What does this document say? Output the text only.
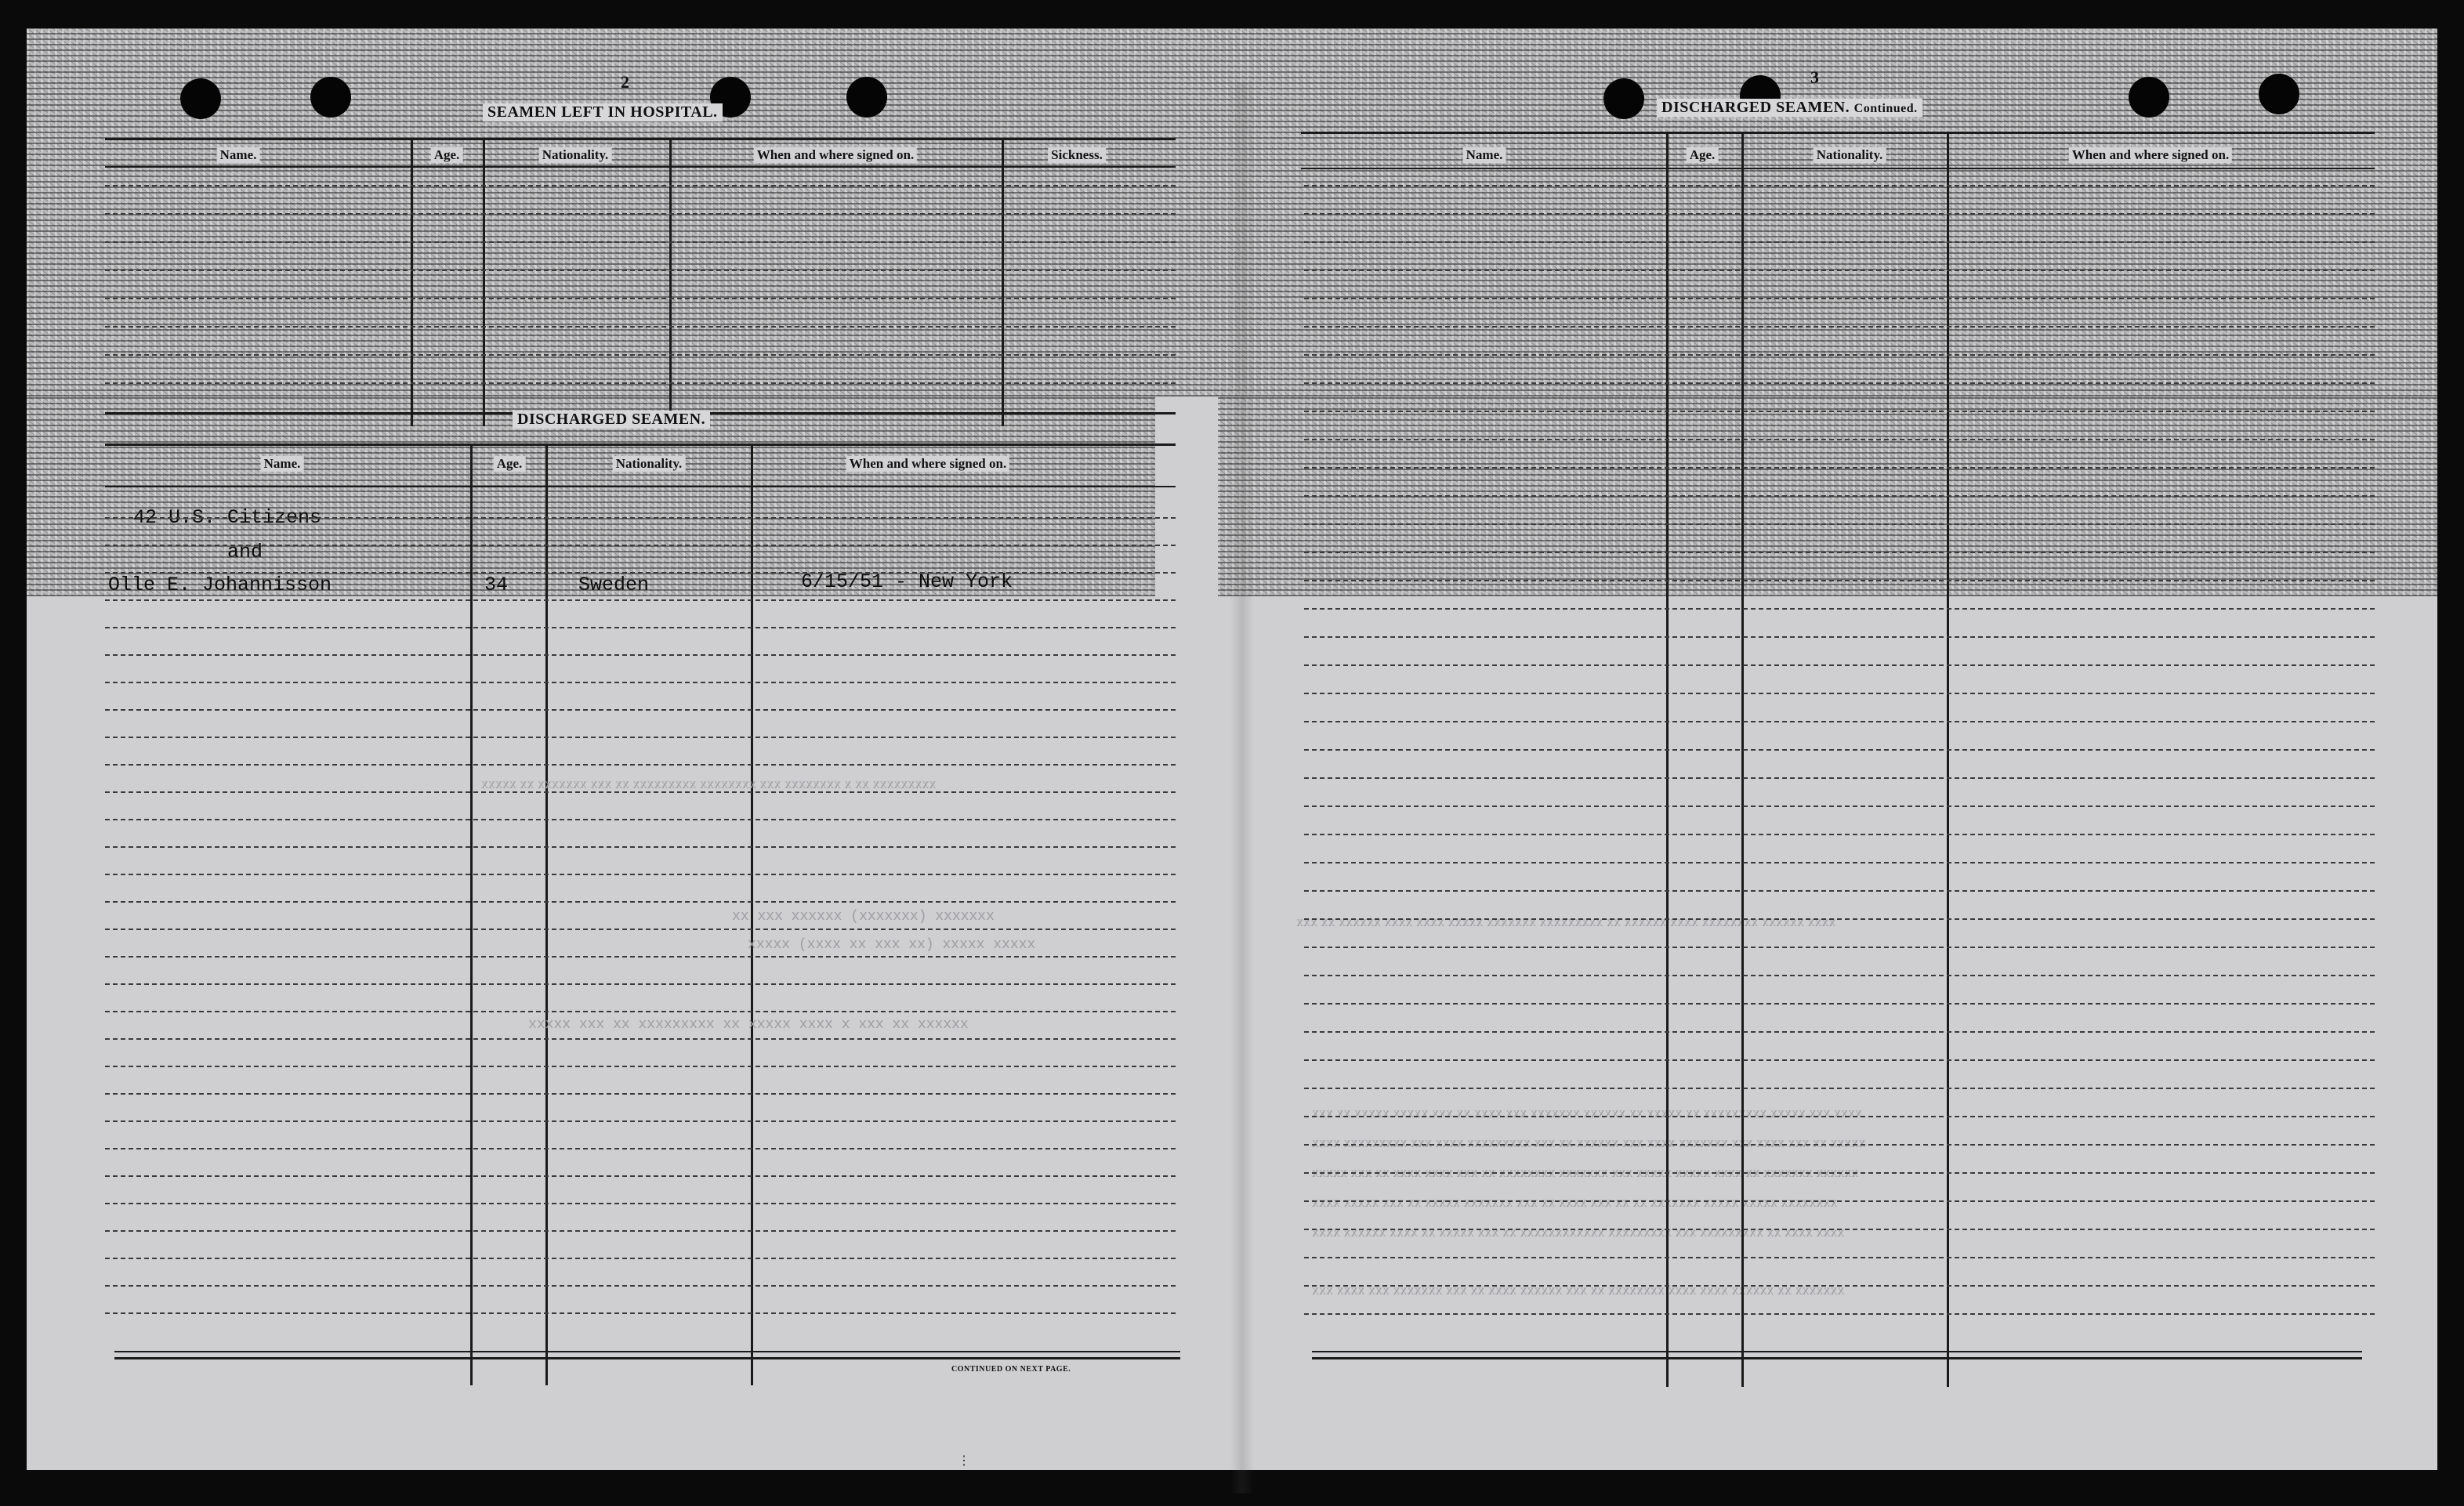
2
SEAMEN LEFT IN HOSPITAL.
Name.	Age.	Nationality.	When and where signed on.	Sickness.
DISCHARGED SEAMEN.
Name.	Age.	Nationality.	When and where signed on.
42 U.S. Citizens
and
Olle E. Johannisson	34	Sweden	6/15/51 - New York
CONTINUED ON NEXT PAGE.
xxxxxxx (xxxxxxx) xxxxxx xxx xx
xxxxx xxxxx (xx xxx xx xxxx) xxxxx
xxxxxx xx xxx x xxxx xxxxx xx xxxxxxxxx xx xxx xxxxx
xxxxxxxxx xx x xxxxxxxx xxx xxxxxxxx xxxxxxxxx xx xxx xxxxxxx xx xxxxx
xxxx xxxxxx xxxxxxxx xxxx xxxxxx xx xxxxxxxxx xxxxxxx xxxxx xxxx xxxx xxxxxx xx xxx
xxxx xxx xxxxx xxxxxxxxx xx xxxxx xx xxxxxx xxxxxxx xxx xxxx xx xxx xxxxx xxxxx xx xxx
xxxxx xx xxx xxxx xxx xxxxxxx xxxx xxx xxxxxx xx xxx xxxxxxxxx xxxx xxx xxxxxxxxx xxxx
xxxxxx xxxxxxx xx xxxx xxxxx xxxxx xxx xxxxxxx xxxxxxxx xx xxx xxxx xxxx xx xxx xxxxx
xxxxxxxx xxxxx xxxxx xxxxxxx xx xx xxx xxxx xx xxx xxxxxxx xxxxx xx xxx xxxxx xxxx
xxxx xxxx xx xxxxxxxxx xxx xxxxxxxxx xxxxxxxxxxxx xx xxx xxxxx xx xxxx xxxxxx xxxx
xxxxxxx xx xxxxxx xxxx xxxx xxxxxxxx xx xxx xxxxxx xxxx xx xxx xxxxxxx xxx xxxx xxx
3
DISCHARGED SEAMEN. Continued.
Name.	Age.	Nationality.	When and where signed on.
⋮
